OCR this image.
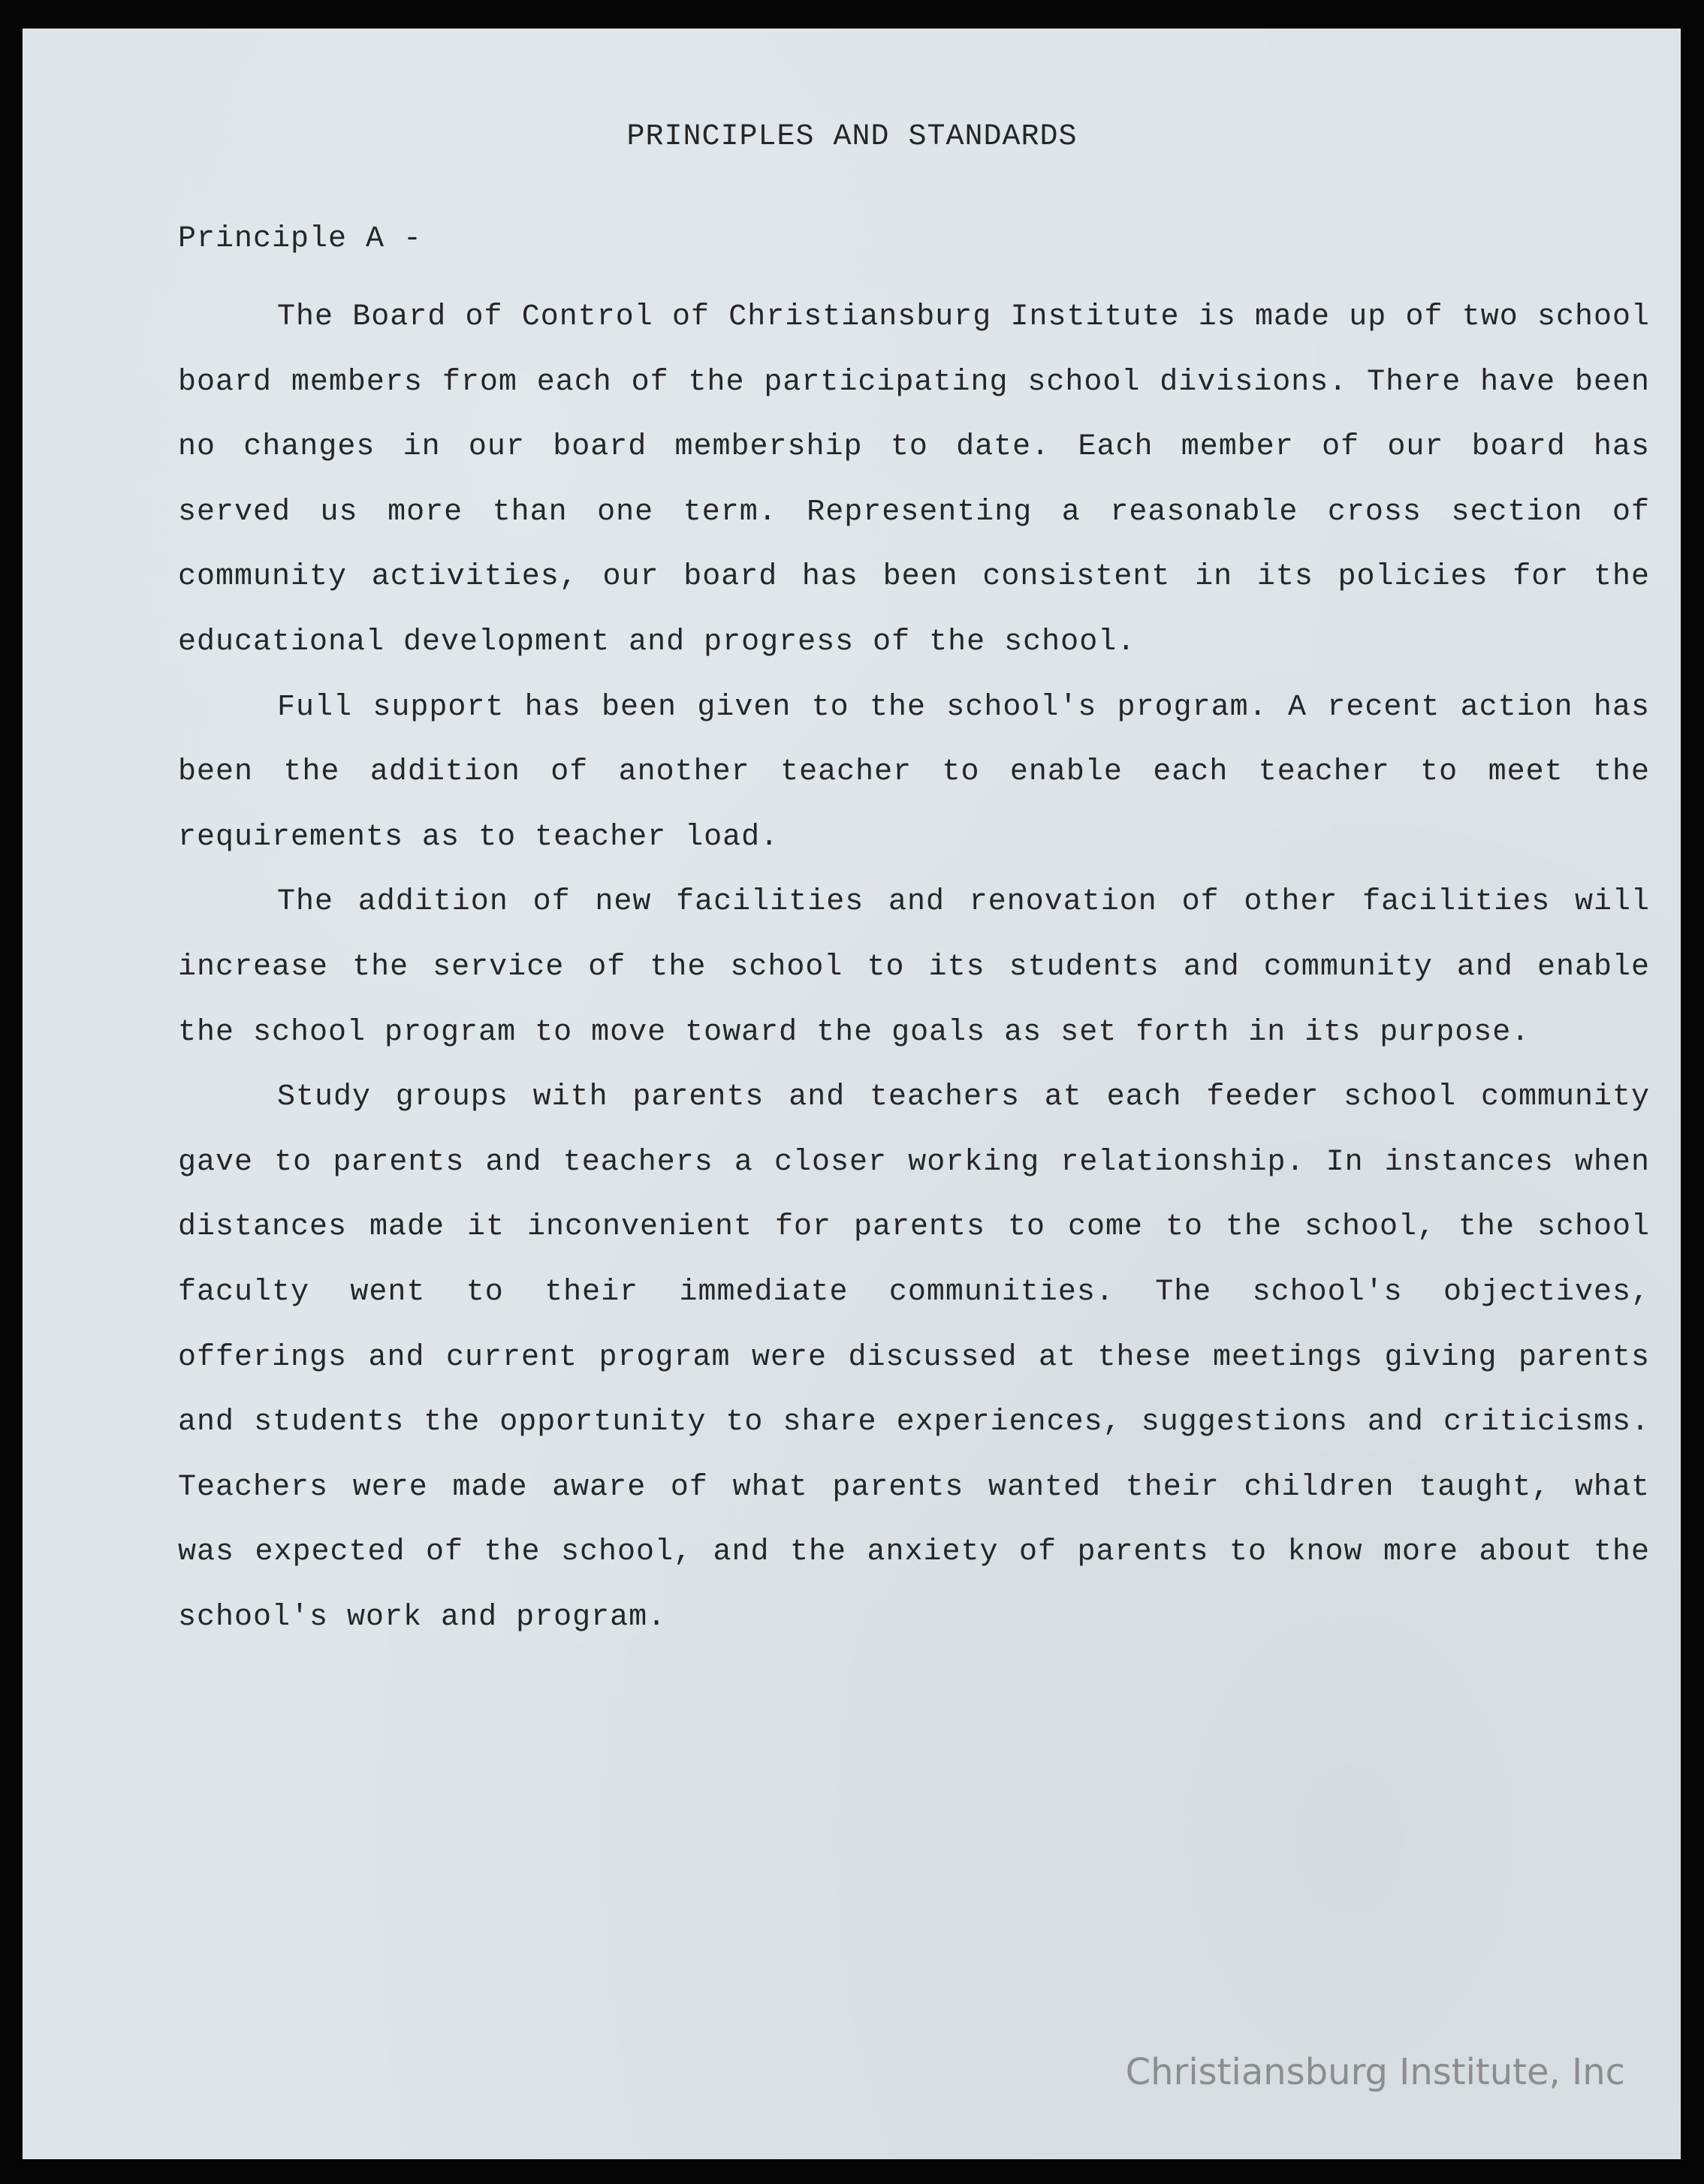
PRINCIPLES AND STANDARDS
Principle A -

The Board of Control of Christiansburg Institute is made up of two school board members from each of the participating school divisions. There have been no changes in our board membership to date. Each member of our board has served us more than one term. Representing a reasonable cross section of community activities, our board has been consistent in its policies for the educational development and progress of the school.

Full support has been given to the school's program. A recent action has been the addition of another teacher to enable each teacher to meet the requirements as to teacher load.

The addition of new facilities and renovation of other facilities will increase the service of the school to its students and community and enable the school program to move toward the goals as set forth in its purpose.

Study groups with parents and teachers at each feeder school community gave to parents and teachers a closer working relationship. In instances when distances made it inconvenient for parents to come to the school, the school faculty went to their immediate communities. The school's objectives, offerings and current program were discussed at these meetings giving parents and students the opportunity to share experiences, suggestions and criticisms. Teachers were made aware of what parents wanted their children taught, what was expected of the school, and the anxiety of parents to know more about the school's work and program.

Christiansburg Institute, Inc
